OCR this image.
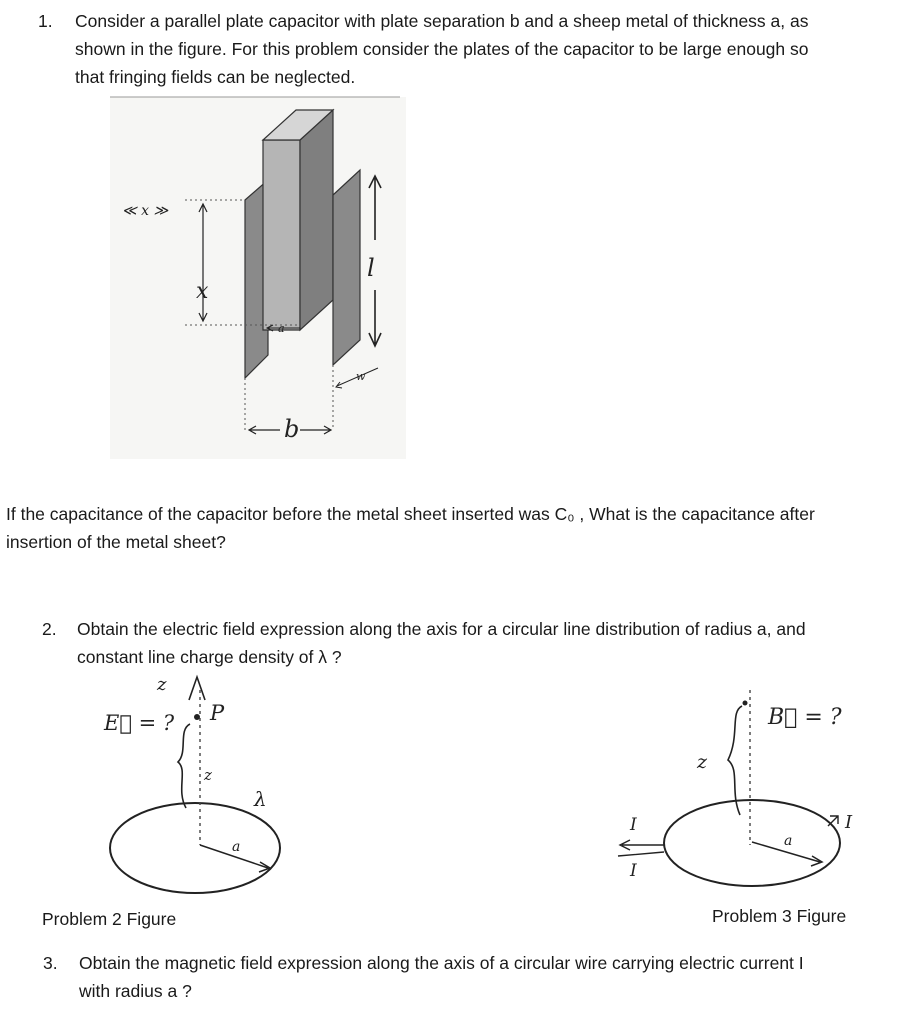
1. Consider a parallel plate capacitor with plate separation b and a sheep metal of thickness a, as
shown in the figure. For this problem consider the plates of the capacitor to be large enough so
that fringing fields can be neglected.
≪ x ≫
x
a
l
b
w
If the capacitance of the capacitor before the metal sheet inserted was C₀ , What is the capacitance after
insertion of the metal sheet?
2. Obtain the electric field expression along the axis for a circular line distribution of radius a, and
constant line charge density of λ ?
z
E⃗ = ? P
z
λ
a
Problem 2 Figure
B⃗ = ?
z
a
I
I
I
Problem 3 Figure
3. Obtain the magnetic field expression along the axis of a circular wire carrying electric current I
with radius a ?
